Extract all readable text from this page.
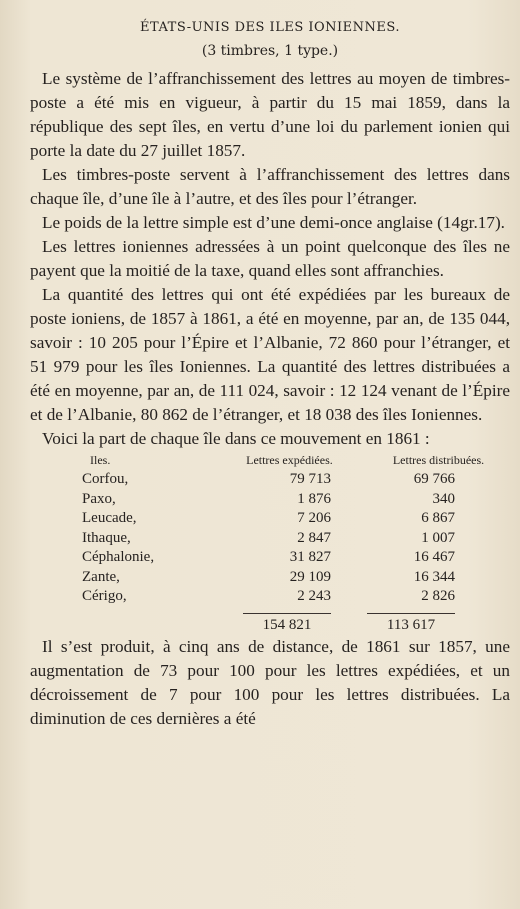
ÉTATS-UNIS DES ILES IONIENNES.
(3 timbres, 1 type.)

Le système de l’affranchissement des lettres au moyen de timbres-poste a été mis en vigueur, à partir du 15 mai 1859, dans la république des sept îles, en vertu d’une loi du parlement ionien qui porte la date du 27 juillet 1857.

Les timbres-poste servent à l’affranchissement des lettres dans chaque île, d’une île à l’autre, et des îles pour l’étranger.

Le poids de la lettre simple est d’une demi-once anglaise (14gr.17).

Les lettres ioniennes adressées à un point quelconque des îles ne payent que la moitié de la taxe, quand elles sont affranchies.

La quantité des lettres qui ont été expédiées par les bureaux de poste ioniens, de 1857 à 1861, a été en moyenne, par an, de 135 044, savoir : 10 205 pour l’Épire et l’Albanie, 72 860 pour l’étranger, et 51 979 pour les îles Ioniennes. La quantité des lettres distribuées a été en moyenne, par an, de 111 024, savoir : 12 124 venant de l’Épire et de l’Albanie, 80 862 de l’étranger, et 18 038 des îles Ioniennes.

Voici la part de chaque île dans ce mouvement en 1861 :

Iles.	Lettres expédiées.	Lettres distribuées.
Corfou,	79 713	69 766
Paxo,	1 876	340
Leucade,	7 206	6 867
Ithaque,	2 847	1 007
Céphalonie,	31 827	16 467
Zante,	29 109	16 344
Cérigo,	2 243	2 826
	154 821	113 617

Il s’est produit, à cinq ans de distance, de 1861 sur 1857, une augmentation de 73 pour 100 pour les lettres expédiées, et un décroissement de 7 pour 100 pour les lettres distribuées. La diminution de ces dernières a été
